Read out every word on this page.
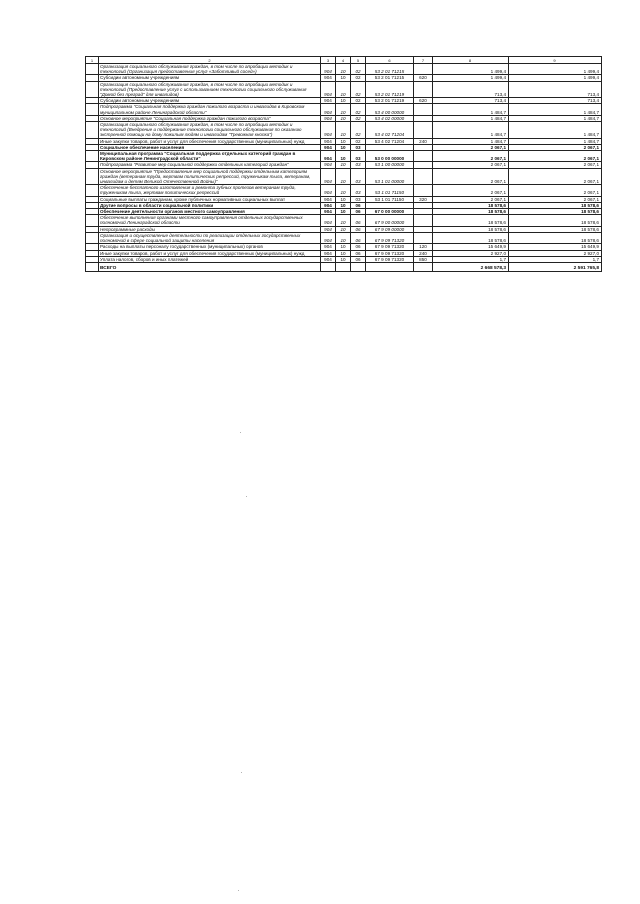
1	2	3	4	5	6	7	8	9
	Организация социального обслуживания граждан, в том числе по апробации методик и технологий (Организация предоставления услуг «Заботливый сосед»)	904	10	02	53 2 01 71215		1 499,4	1 499,4
	Субсидии автономным учреждениям	904	10	02	53 2 01 71215	620	1 499,4	1 499,4
	Организация социального обслуживания граждан, в том числе по апробации методик и технологий (Предоставление услуг с использованием технологии социального обслуживания "Домой без преград" для инвалидов)	904	10	02	53 2 01 71219		713,4	713,4
	Субсидии автономным учреждениям	904	10	02	53 2 01 71219	620	713,4	713,4
	Подпрограмма "Социальная поддержка граждан пожилого возраста и инвалидов в Кировском муниципальном районе Ленинградской области"	904	10	02	53 4 00 00000		1 484,7	1 484,7
	Основное мероприятие "Социальная поддержка граждан пожилого возраста"	904	10	02	53 4 02 00000		1 484,7	1 484,7
	Организация социального обслуживания граждан, в том числе по апробации методик и технологий (Внедрение и поддержание технологии социального обслуживания по оказанию экстренной помощи на дому пожилым людям и инвалидам "Тревожная кнопка")	904	10	02	53 4 02 71204		1 484,7	1 484,7
	Иные закупки товаров, работ и услуг для обеспечения государственных (муниципальных) нужд	904	10	02	53 4 02 71204	240	1 484,7	1 484,7
	Социальное обеспечение населения	904	10	03			2 067,1	2 067,1
	Муниципальная программа "Социальная поддержка отдельных категорий граждан в Кировском районе Ленинградской области"	904	10	03	53 0 00 00000		2 067,1	2 067,1
	Подпрограмма "Развитие мер социальной поддержки отдельных категорий граждан"	904	10	03	53 1 00 00000		2 067,1	2 067,1
	Основное мероприятие "Предоставление мер социальной поддержки отдельным категориям граждан (ветеранам труда, жертвам политических репрессий, труженикам тыла, ветеранам, инвалидам и детям Великой Отечественной Войны)"	904	10	03	53 1 01 00000		2 067,1	2 067,1
	Обеспечение бесплатного изготовления и ремонта зубных протезов ветеранам труда, труженикам тыла, жертвам политических репрессий	904	10	03	53 1 01 71150		2 067,1	2 067,1
	Социальные выплаты гражданам, кроме публичных нормативных социальных выплат	904	10	03	53 1 01 71150	320	2 067,1	2 067,1
	Другие вопросы в области социальной политики	904	10	06			18 578,6	18 578,6
	Обеспечение деятельности органов местного самоуправления	904	10	06	67 0 00 00000		18 578,6	18 578,6
	Обеспечение выполнения органами местного самоуправления отдельных государственных полномочий Ленинградской области	904	10	06	67 9 00 00000		18 578,6	18 578,6
	Непрограммные расходы	904	10	06	67 9 09 00000		18 578,6	18 578,6
	Организация и осуществление деятельности по реализации отдельных государственных полномочий в сфере социальной защиты населения	904	10	06	67 9 09 71320		18 578,6	18 578,6
	Расходы на выплаты персоналу государственных (муниципальных) органов	904	10	06	67 9 09 71320	120	15 649,9	15 649,9
	Иные закупки товаров, работ и услуг для обеспечения государственных (муниципальных) нужд	904	10	06	67 9 09 71320	240	2 927,0	2 927,0
	Уплата налогов, сборов и иных платежей	904	10	06	67 9 09 71320	850	1,7	1,7
	ВСЕГО						2 668 578,3	2 591 765,8
